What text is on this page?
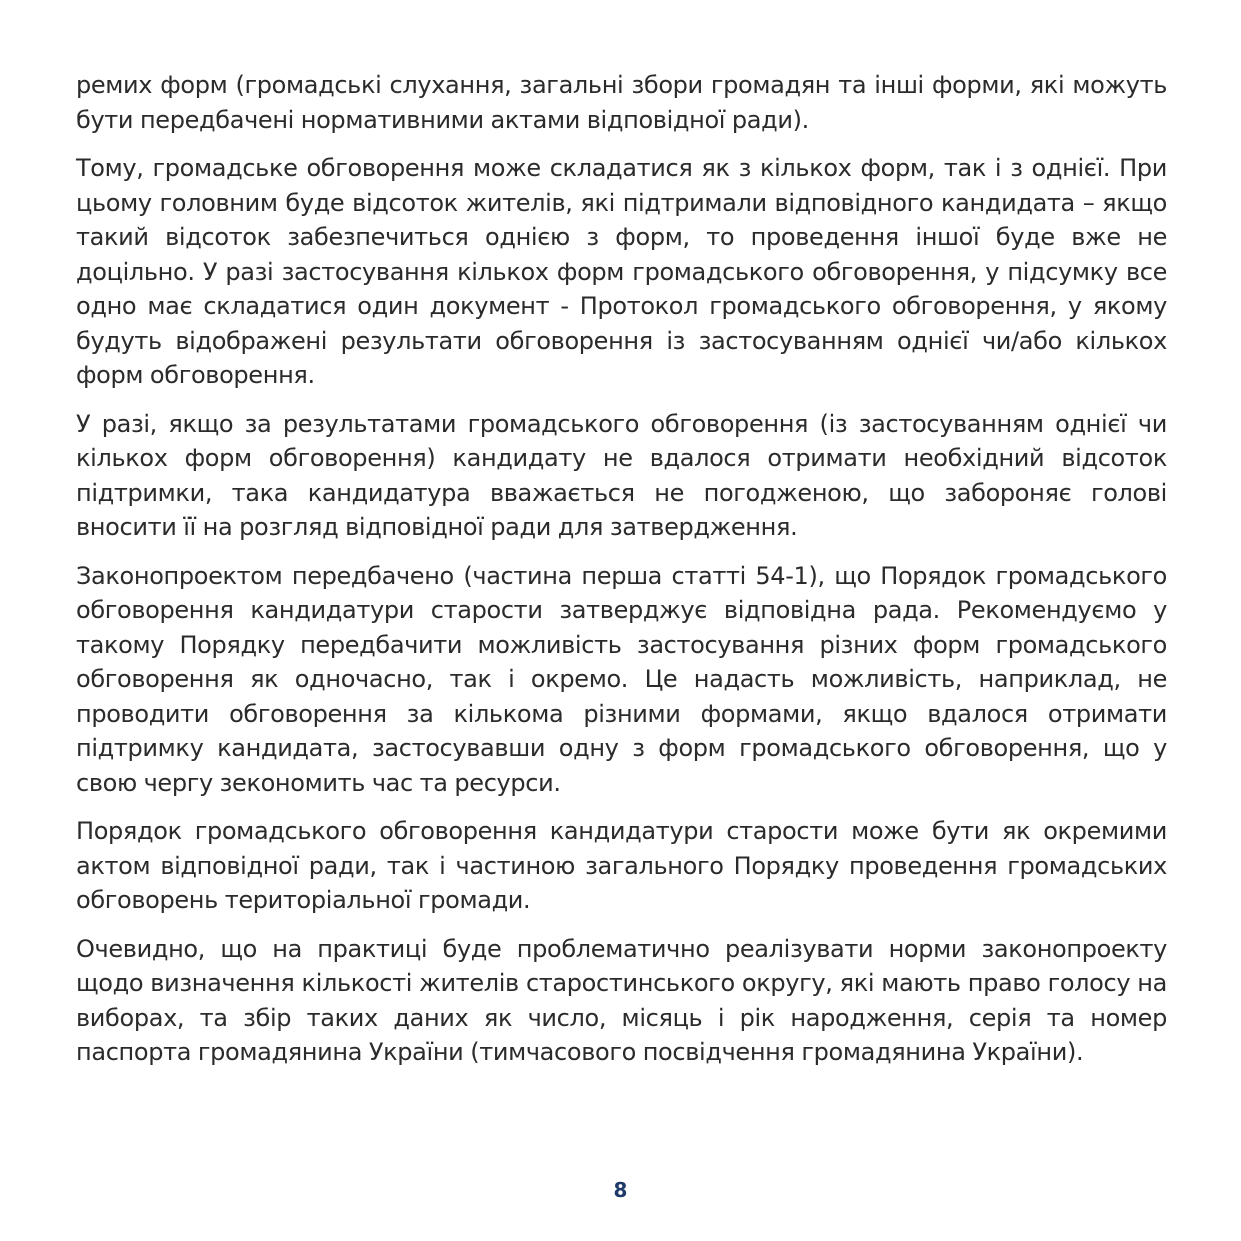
ремих форм (громадські слухання, загальні збори громадян та інші форми, які можуть бути передбачені нормативними актами відповідної ради).

Тому, громадське обговорення може складатися як з кількох форм, так і з однієї. При цьому головним буде відсоток жителів, які підтримали відповідного кандидата – якщо такий відсоток забезпечиться однією з форм, то проведення іншої буде вже не доцільно. У разі застосування кількох форм громадського обговорення, у підсумку все одно має складатися один документ - Протокол громадського обговорення, у якому будуть відображені результати обговорення із застосуванням однієї чи/або кількох форм обговорення.

У разі, якщо за результатами громадського обговорення (із застосуванням однієї чи кількох форм обговорення) кандидату не вдалося отримати необхідний відсоток підтримки, така кандидатура вважається не погодженою, що забороняє голові вносити її на розгляд відповідної ради для затвердження.

Законопроектом передбачено (частина перша статті 54-1), що Порядок громадського обговорення кандидатури старости затверджує відповідна рада. Рекомендуємо у такому Порядку передбачити можливість застосування різних форм громадського обговорення як одночасно, так і окремо. Це надасть можливість, наприклад, не проводити обговорення за кількома різними формами, якщо вдалося отримати підтримку кандидата, застосувавши одну з форм громадського обговорення, що у свою чергу зекономить час та ресурси.

Порядок громадського обговорення кандидатури старости може бути як окремими актом відповідної ради, так і частиною загального Порядку проведення громадських обговорень територіальної громади.

Очевидно, що на практиці буде проблематично реалізувати норми законопроекту щодо визначення кількості жителів старостинського округу, які мають право голосу на виборах, та збір таких даних як число, місяць і рік народження, серія та номер паспорта громадянина України (тимчасового посвідчення громадянина України).

8
